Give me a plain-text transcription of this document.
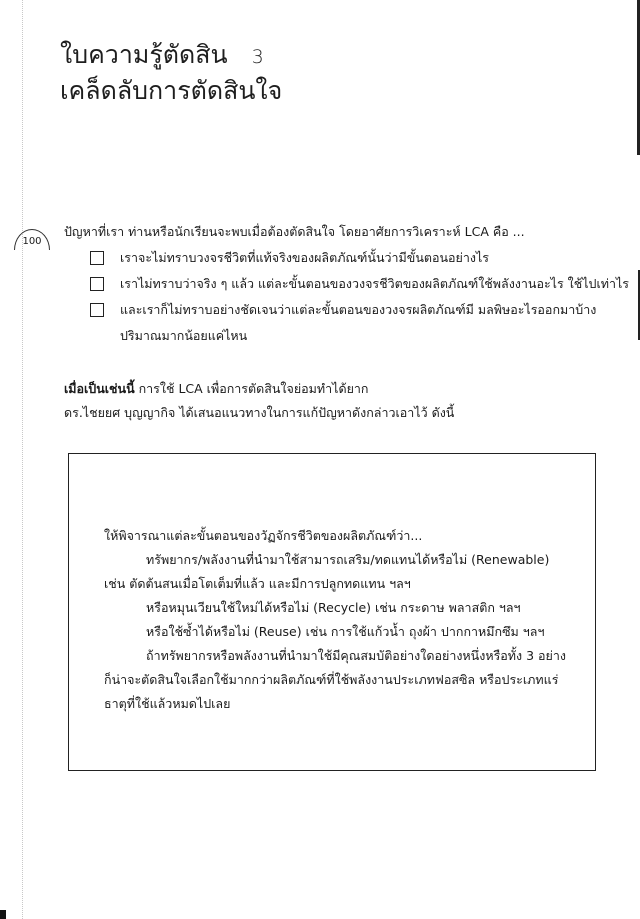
ใบความรู้ตัดสิน 3
เคล็ดลับการตัดสินใจ
100
ปัญหาที่เรา ท่านหรือนักเรียนจะพบเมื่อต้องตัดสินใจ โดยอาศัยการวิเคราะห์ LCA คือ ...
เราจะไม่ทราบวงจรชีวิตที่แท้จริงของผลิตภัณฑ์นั้นว่ามีขั้นตอนอย่างไร
เราไม่ทราบว่าจริง ๆ แล้ว แต่ละขั้นตอนของวงจรชีวิตของผลิตภัณฑ์ใช้พลังงานอะไร ใช้ไปเท่าไร
และเราก็ไม่ทราบอย่างชัดเจนว่าแต่ละขั้นตอนของวงจรผลิตภัณฑ์มี มลพิษอะไรออกมาบ้าง
ปริมาณมากน้อยแค่ไหน
เมื่อเป็นเช่นนี้ การใช้ LCA เพื่อการตัดสินใจย่อมทำได้ยาก
ดร.ไชยยศ บุญญากิจ ได้เสนอแนวทางในการแก้ปัญหาดังกล่าวเอาไว้ ดังนี้

ให้พิจารณาแต่ละขั้นตอนของวัฏจักรชีวิตของผลิตภัณฑ์ว่า...

ทรัพยากร/พลังงานที่นำมาใช้สามารถเสริม/ทดแทนได้หรือไม่ (Renewable)

เช่น ตัดต้นสนเมื่อโตเต็มที่แล้ว และมีการปลูกทดแทน ฯลฯ

หรือหมุนเวียนใช้ใหม่ได้หรือไม่ (Recycle) เช่น กระดาษ พลาสติก ฯลฯ

หรือใช้ซ้ำได้หรือไม่ (Reuse) เช่น การใช้แก้วน้ำ ถุงผ้า ปากกาหมึกซึม ฯลฯ

ถ้าทรัพยากรหรือพลังงานที่นำมาใช้มีคุณสมบัติอย่างใดอย่างหนึ่งหรือทั้ง 3 อย่าง

ก็น่าจะตัดสินใจเลือกใช้มากกว่าผลิตภัณฑ์ที่ใช้พลังงานประเภทฟอสซิล หรือประเภทแร่

ธาตุที่ใช้แล้วหมดไปเลย
